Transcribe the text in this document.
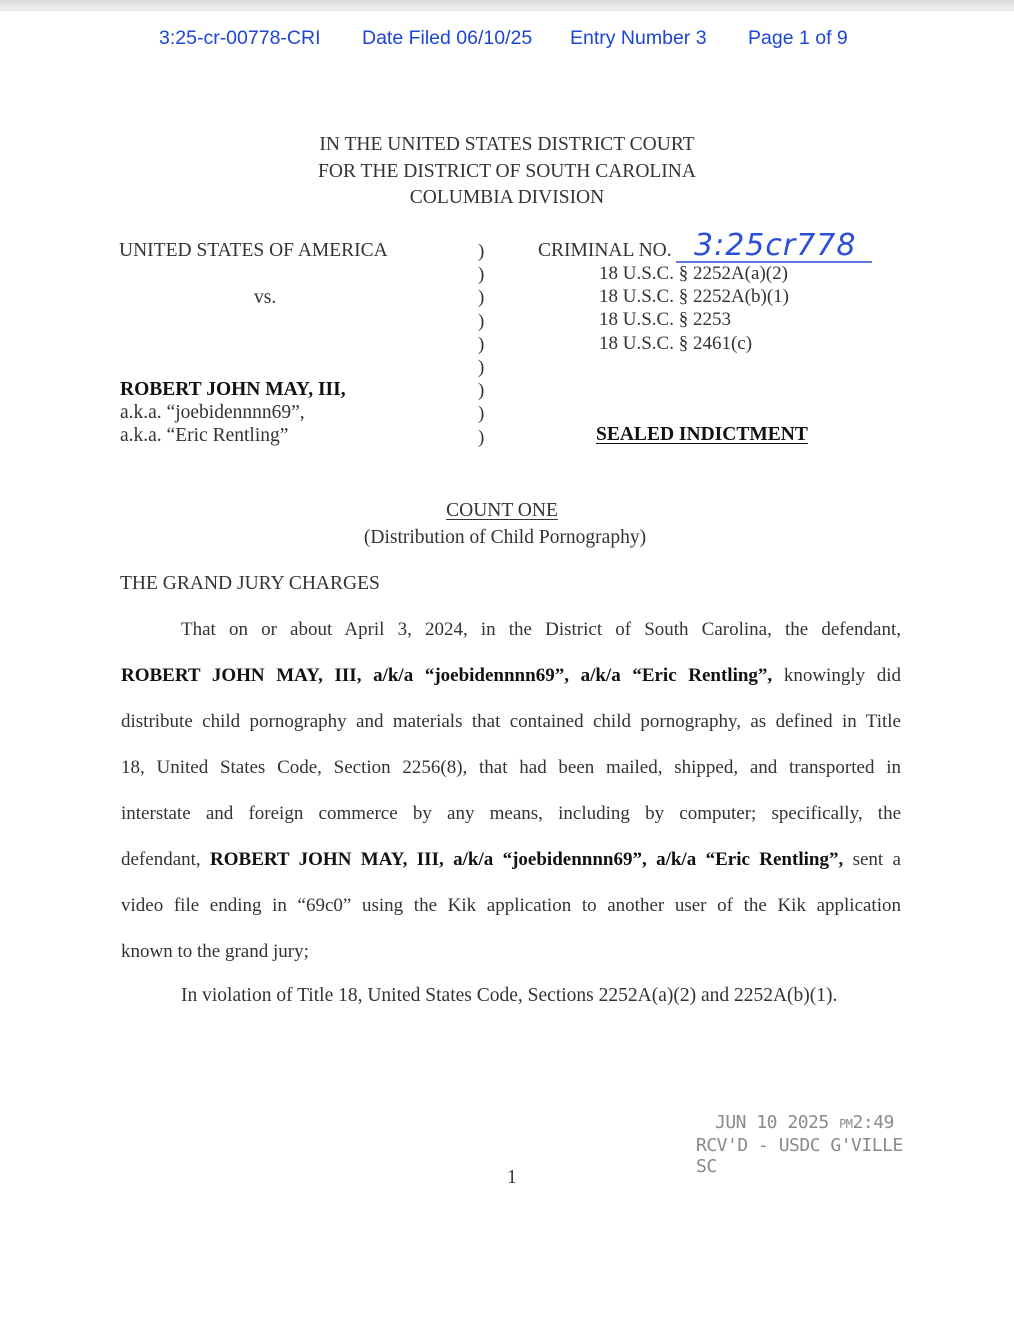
3:25-cr-00778-CRI Date Filed 06/10/25 Entry Number 3 Page 1 of 9
IN THE UNITED STATES DISTRICT COURT
FOR THE DISTRICT OF SOUTH CAROLINA
COLUMBIA DIVISION
UNITED STATES OF AMERICA
vs.
ROBERT JOHN MAY, III,
a.k.a. “joebidennnn69”,
a.k.a. “Eric Rentling”
)
)
)
)
)
)
)
)
)
CRIMINAL NO. 3:25cr778
18 U.S.C. § 2252A(a)(2)
18 U.S.C. § 2252A(b)(1)
18 U.S.C. § 2253
18 U.S.C. § 2461(c)
SEALED INDICTMENT
COUNT ONE
(Distribution of Child Pornography)
THE GRAND JURY CHARGES
That on or about April 3, 2024, in the District of South Carolina, the defendant,
ROBERT JOHN MAY, III, a/k/a “joebidennnn69”, a/k/a “Eric Rentling”, knowingly did
distribute child pornography and materials that contained child pornography, as defined in Title
18, United States Code, Section 2256(8), that had been mailed, shipped, and transported in
interstate and foreign commerce by any means, including by computer; specifically, the
defendant, ROBERT JOHN MAY, III, a/k/a “joebidennnn69”, a/k/a “Eric Rentling”, sent a
video file ending in “69c0” using the Kik application to another user of the Kik application
known to the grand jury;
In violation of Title 18, United States Code, Sections 2252A(a)(2) and 2252A(b)(1).
JUN 10 2025 PM2:49
RCV'D - USDC G'VILLE SC
1
